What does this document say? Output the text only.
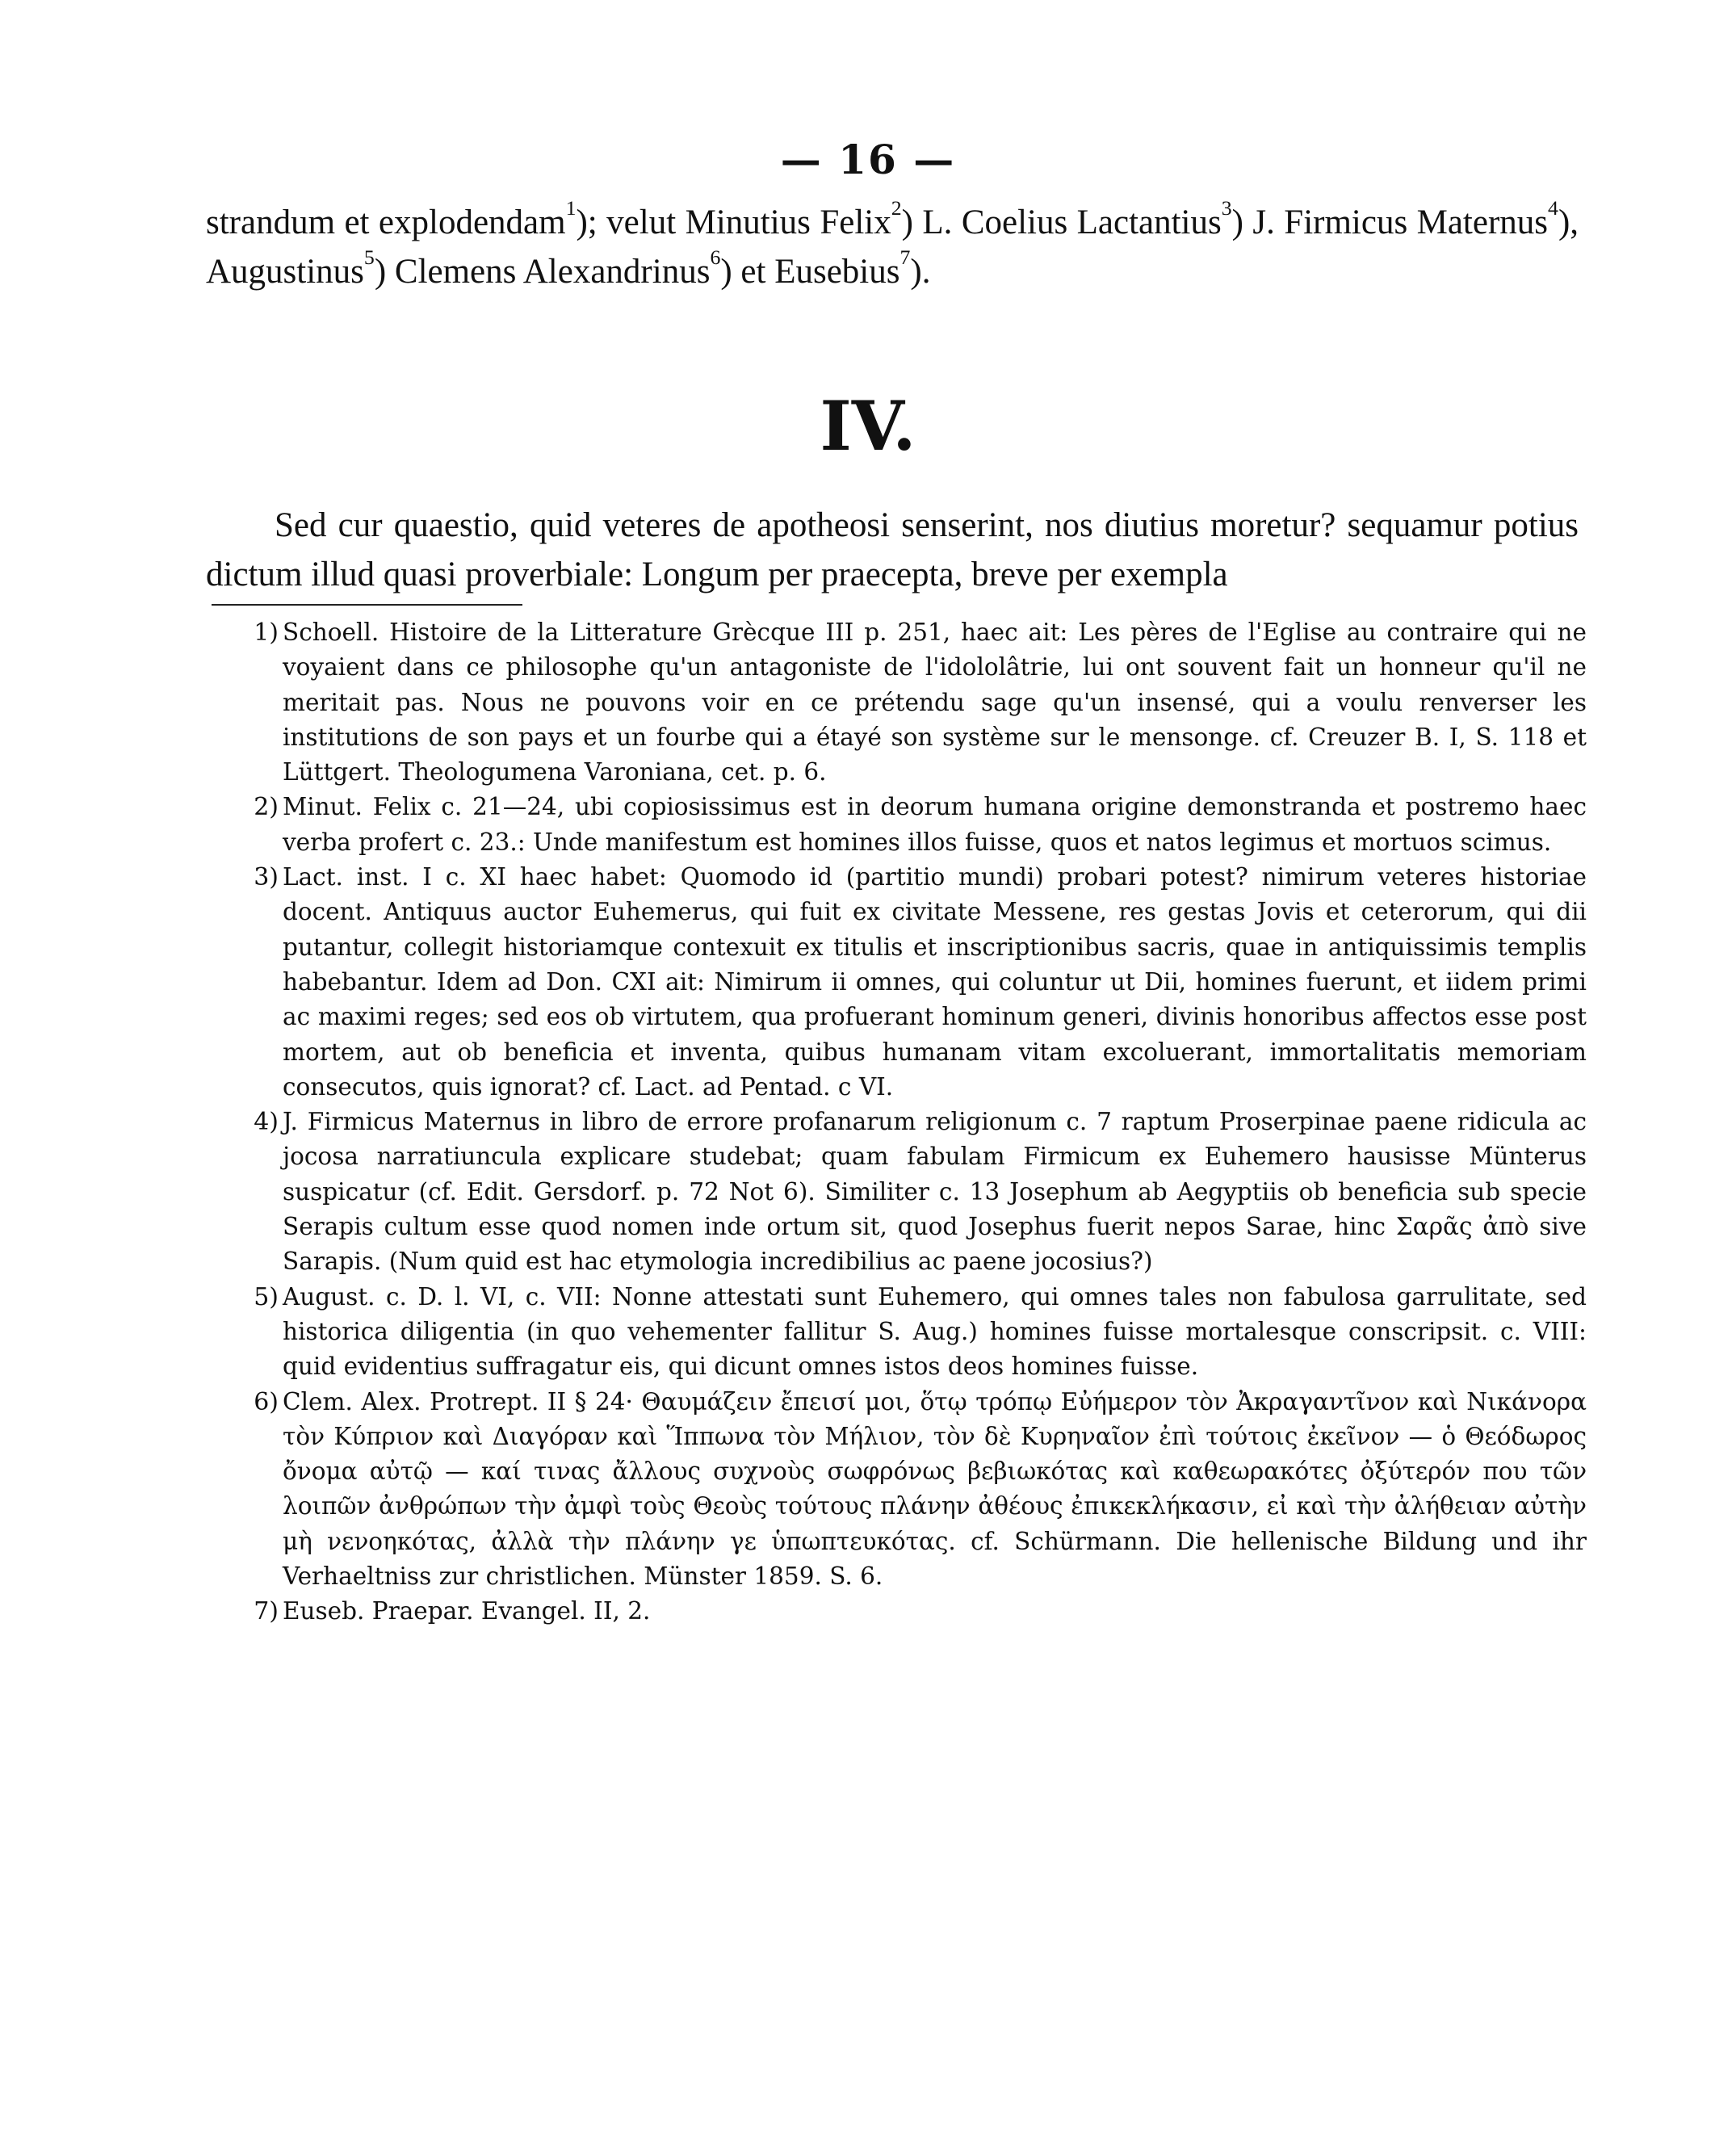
— 16 —
strandum et explodendam$^1$); velut Minutius Felix$^2$) L. Coelius Lactantius$^3$) J. Firmicus Maternus$^4$), Augustinus$^5$) Clemens Alexandrinus$^6$) et Eusebius$^7$).
IV.
Sed cur quaestio, quid veteres de apotheosi senserint, nos diutius moretur? sequamur potius dictum illud quasi proverbiale: Longum per praecepta, breve per exempla
1) Schoell. Histoire de la Litterature Grècque III p. 251, haec ait: Les pères de l'Eglise au contraire qui ne voyaient dans ce philosophe qu'un antagoniste de l'idololâtrie, lui ont souvent fait un honneur qu'il ne meritait pas. Nous ne pouvons voir en ce prétendu sage qu'un insensé, qui a voulu renverser les institutions de son pays et un fourbe qui a étayé son système sur le mensonge. cf. Creuzer B. I, S. 118 et Lüttgert. Theologumena Varoniana, cet. p. 6.
2) Minut. Felix c. 21—24, ubi copiosissimus est in deorum humana origine demonstranda et postremo haec verba profert c. 23.: Unde manifestum est homines illos fuisse, quos et natos legimus et mortuos scimus.
3) Lact. inst. I c. XI haec habet: Quomodo id (partitio mundi) probari potest? nimirum veteres historiae docent. Antiquus auctor Euhemerus, qui fuit ex civitate Messene, res gestas Jovis et ceterorum, qui dii putantur, collegit historiamque contexuit ex titulis et inscriptionibus sacris, quae in antiquissimis templis habebantur. Idem ad Don. CXI ait: Nimirum ii omnes, qui coluntur ut Dii, homines fuerunt, et iidem primi ac maximi reges; sed eos ob virtutem, qua profuerant hominum generi, divinis honoribus affectos esse post mortem, aut ob beneficia et inventa, quibus humanam vitam excoluerant, immortalitatis memoriam consecutos, quis ignorat? cf. Lact. ad Pentad. c VI.
4) J. Firmicus Maternus in libro de errore profanarum religionum c. 7 raptum Proserpinae paene ridicula ac jocosa narratiuncula explicare studebat; quam fabulam Firmicum ex Euhemero hausisse Münterus suspicatur (cf. Edit. Gersdorf. p. 72 Not 6). Similiter c. 13 Josephum ab Aegyptiis ob beneficia sub specie Serapis cultum esse quod nomen inde ortum sit, quod Josephus fuerit nepos Sarae, hinc Σαρᾶς ἀπὸ sive Sarapis. (Num quid est hac etymologia incredibilius ac paene jocosius?)
5) August. c. D. l. VI, c. VII: Nonne attestati sunt Euhemero, qui omnes tales non fabulosa garrulitate, sed historica diligentia (in quo vehementer fallitur S. Aug.) homines fuisse mortalesque conscripsit. c. VIII: quid evidentius suffragatur eis, qui dicunt omnes istos deos homines fuisse.
6) Clem. Alex. Protrept. II § 24· Θαυμάζειν ἔπεισί μοι, ὅτῳ τρόπῳ Εὐήμερον τὸν Ἀκραγαντῖνον καὶ Νικάνορα τὸν Κύπριον καὶ Διαγόραν καὶ Ἵππωνα τὸν Μήλιον, τὸν δὲ Κυρηναῖον ἐπὶ τούτοις ἐκεῖνον — ὁ Θεόδωρος ὄνομα αὐτῷ — καί τινας ἄλλους συχνοὺς σωφρόνως βεβιωκότας καὶ καθεωρακότες ὀξύτερόν που τῶν λοιπῶν ἀνθρώπων τὴν ἀμφὶ τοὺς Θεοὺς τούτους πλάνην ἀθέους ἐπικεκλήκασιν, εἰ καὶ τὴν ἀλήθειαν αὐτὴν μὴ νενοηκότας, ἀλλὰ τὴν πλάνην γε ὑπωπτευκότας. cf. Schürmann. Die hellenische Bildung und ihr Verhaeltniss zur christlichen. Münster 1859. S. 6.
7) Euseb. Praepar. Evangel. II, 2.
